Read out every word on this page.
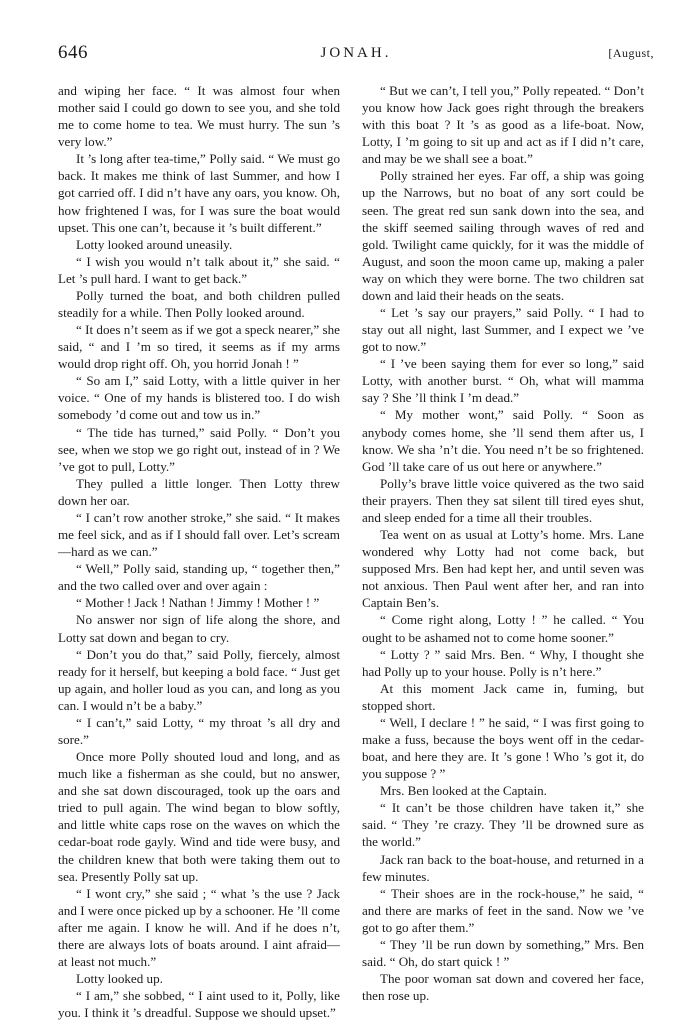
646	JONAH.	[August,

and wiping her face. “ It was almost four when mother said I could go down to see you, and she told me to come home to tea. We must hurry. The sun ’s very low.”

It ’s long after tea-time,” Polly said. “ We must go back. It makes me think of last Summer, and how I got carried off. I did n’t have any oars, you know. Oh, how frightened I was, for I was sure the boat would upset. This one can’t, because it ’s built different.”

Lotty looked around uneasily.

“ I wish you would n’t talk about it,” she said. “ Let ’s pull hard. I want to get back.”

Polly turned the boat, and both children pulled steadily for a while. Then Polly looked around.

“ It does n’t seem as if we got a speck nearer,” she said, “ and I ’m so tired, it seems as if my arms would drop right off. Oh, you horrid Jonah ! ”

“ So am I,” said Lotty, with a little quiver in her voice. “ One of my hands is blistered too. I do wish somebody ’d come out and tow us in.”

“ The tide has turned,” said Polly. “ Don’t you see, when we stop we go right out, instead of in ? We ’ve got to pull, Lotty.”

They pulled a little longer. Then Lotty threw down her oar.

“ I can’t row another stroke,” she said. “ It makes me feel sick, and as if I should fall over. Let’s scream—hard as we can.”

“ Well,” Polly said, standing up, “ together then,” and the two called over and over again :

“ Mother ! Jack ! Nathan ! Jimmy ! Mother ! ”

No answer nor sign of life along the shore, and Lotty sat down and began to cry.

“ Don’t you do that,” said Polly, fiercely, almost ready for it herself, but keeping a bold face. “ Just get up again, and holler loud as you can, and long as you can. I would n’t be a baby.”

“ I can’t,” said Lotty, “ my throat ’s all dry and sore.”

Once more Polly shouted loud and long, and as much like a fisherman as she could, but no answer, and she sat down discouraged, took up the oars and tried to pull again. The wind began to blow softly, and little white caps rose on the waves on which the cedar-boat rode gayly. Wind and tide were busy, and the children knew that both were taking them out to sea. Presently Polly sat up.

“ I wont cry,” she said ; “ what ’s the use ? Jack and I were once picked up by a schooner. He ’ll come after me again. I know he will. And if he does n’t, there are always lots of boats around. I aint afraid—at least not much.”

Lotty looked up.

“ I am,” she sobbed, “ I aint used to it, Polly, like you. I think it ’s dreadful. Suppose we should upset.”

“ But we can’t, I tell you,” Polly repeated. “ Don’t you know how Jack goes right through the breakers with this boat ? It ’s as good as a life-boat. Now, Lotty, I ’m going to sit up and act as if I did n’t care, and may be we shall see a boat.”

Polly strained her eyes. Far off, a ship was going up the Narrows, but no boat of any sort could be seen. The great red sun sank down into the sea, and the skiff seemed sailing through waves of red and gold. Twilight came quickly, for it was the middle of August, and soon the moon came up, making a paler way on which they were borne. The two children sat down and laid their heads on the seats.

“ Let ’s say our prayers,” said Polly. “ I had to stay out all night, last Summer, and I expect we ’ve got to now.”

“ I ’ve been saying them for ever so long,” said Lotty, with another burst. “ Oh, what will mamma say ? She ’ll think I ’m dead.”

“ My mother wont,” said Polly. “ Soon as anybody comes home, she ’ll send them after us, I know. We sha ’n’t die. You need n’t be so frightened. God ’ll take care of us out here or anywhere.”

Polly’s brave little voice quivered as the two said their prayers. Then they sat silent till tired eyes shut, and sleep ended for a time all their troubles.

Tea went on as usual at Lotty’s home. Mrs. Lane wondered why Lotty had not come back, but supposed Mrs. Ben had kept her, and until seven was not anxious. Then Paul went after her, and ran into Captain Ben’s.

“ Come right along, Lotty ! ” he called. “ You ought to be ashamed not to come home sooner.”

“ Lotty ? ” said Mrs. Ben. “ Why, I thought she had Polly up to your house. Polly is n’t here.”

At this moment Jack came in, fuming, but stopped short.

“ Well, I declare ! ” he said, “ I was first going to make a fuss, because the boys went off in the cedar-boat, and here they are. It ’s gone ! Who ’s got it, do you suppose ? ”

Mrs. Ben looked at the Captain.

“ It can’t be those children have taken it,” she said. “ They ’re crazy. They ’ll be drowned sure as the world.”

Jack ran back to the boat-house, and returned in a few minutes.

“ Their shoes are in the rock-house,” he said, “ and there are marks of feet in the sand. Now we ’ve got to go after them.”

“ They ’ll be run down by something,” Mrs. Ben said. “ Oh, do start quick ! ”

The poor woman sat down and covered her face, then rose up.
